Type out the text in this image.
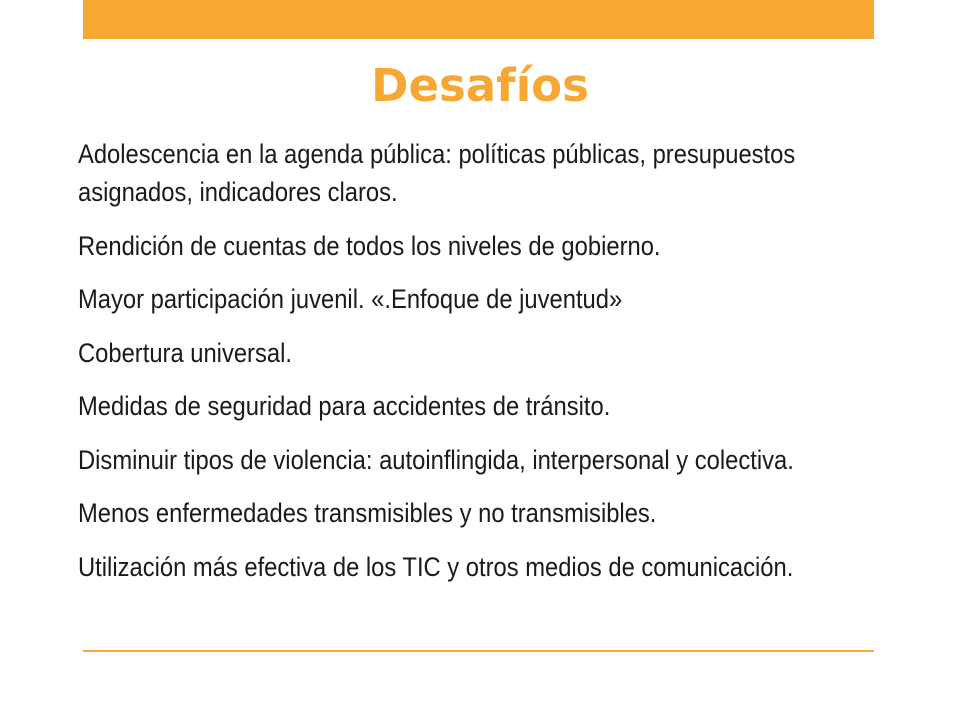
Desafíos
Adolescencia en la agenda pública: políticas públicas, presupuestos asignados, indicadores claros.
Rendición de cuentas de todos los niveles de gobierno.
Mayor participación juvenil. «.Enfoque de juventud»
Cobertura universal.
Medidas de seguridad para accidentes de tránsito.
Disminuir tipos de violencia: autoinflingida, interpersonal y colectiva.
Menos enfermedades transmisibles y no transmisibles.
Utilización más efectiva de los TIC y otros medios de comunicación.
